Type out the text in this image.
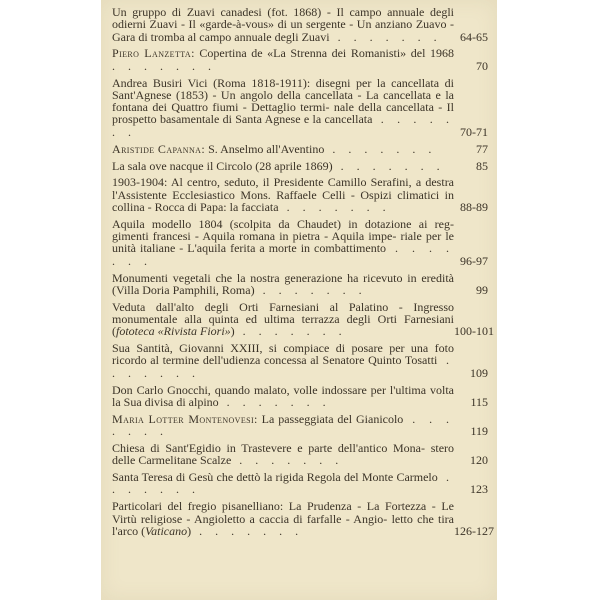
Un gruppo di Zuavi canadesi (fot. 1868) - Il campo annuale degli odierni Zuavi - Il «garde-à-vous» di un sergente - Un anziano Zuavo - Gara di tromba al campo annuale degli Zuavi . . . . . . .	64-65
Piero Lanzetta: Copertina de «La Strenna dei Romanisti» del 1968 . . . . . . .	70
Andrea Busiri Vici (Roma 1818-1911): disegni per la cancellata di Sant'Agnese (1853) - Un angolo della cancellata - La cancellata e la fontana dei Quattro fiumi - Dettaglio termi- nale della cancellata - Il prospetto basamentale di Santa Agnese e la cancellata . . . . . . .	70-71
Aristide Capanna: S. Anselmo all'Aventino . . . . . . .	77
La sala ove nacque il Circolo (28 aprile 1869) . . . . . . .	85
1903-1904: Al centro, seduto, il Presidente Camillo Serafini, a destra l'Assistente Ecclesiastico Mons. Raffaele Celli - Ospizi climatici in collina - Rocca di Papa: la facciata . . . . . . .	88-89
Aquila modello 1804 (scolpita da Chaudet) in dotazione ai reg- gimenti francesi - Aquila romana in pietra - Aquila impe- riale per le unità italiane - L'aquila ferita a morte in combattimento . . . . . . .	96-97
Monumenti vegetali che la nostra generazione ha ricevuto in eredità (Villa Doria Pamphili, Roma) . . . . . . .	99
Veduta dall'alto degli Orti Farnesiani al Palatino - Ingresso monumentale alla quinta ed ultima terrazza degli Orti Farnesiani (fototeca «Rivista Fiori») . . . . . . .	100-101
Sua Santità, Giovanni XXIII, si compiace di posare per una foto ricordo al termine dell'udienza concessa al Senatore Quinto Tosatti . . . . . . .	109
Don Carlo Gnocchi, quando malato, volle indossare per l'ultima volta la Sua divisa di alpino . . . . . . .	115
Maria Lotter Montenovesi: La passeggiata del Gianicolo . . . . . . .	119
Chiesa di Sant'Egidio in Trastevere e parte dell'antico Mona- stero delle Carmelitane Scalze . . . . . . .	120
Santa Teresa di Gesù che dettò la rigida Regola del Monte Carmelo . . . . . . .	123
Particolari del fregio pisanelliano: La Prudenza - La Fortezza - Le Virtù religiose - Angioletto a caccia di farfalle - Angio- letto che tira l'arco (Vaticano) . . . . . . .	126-127
